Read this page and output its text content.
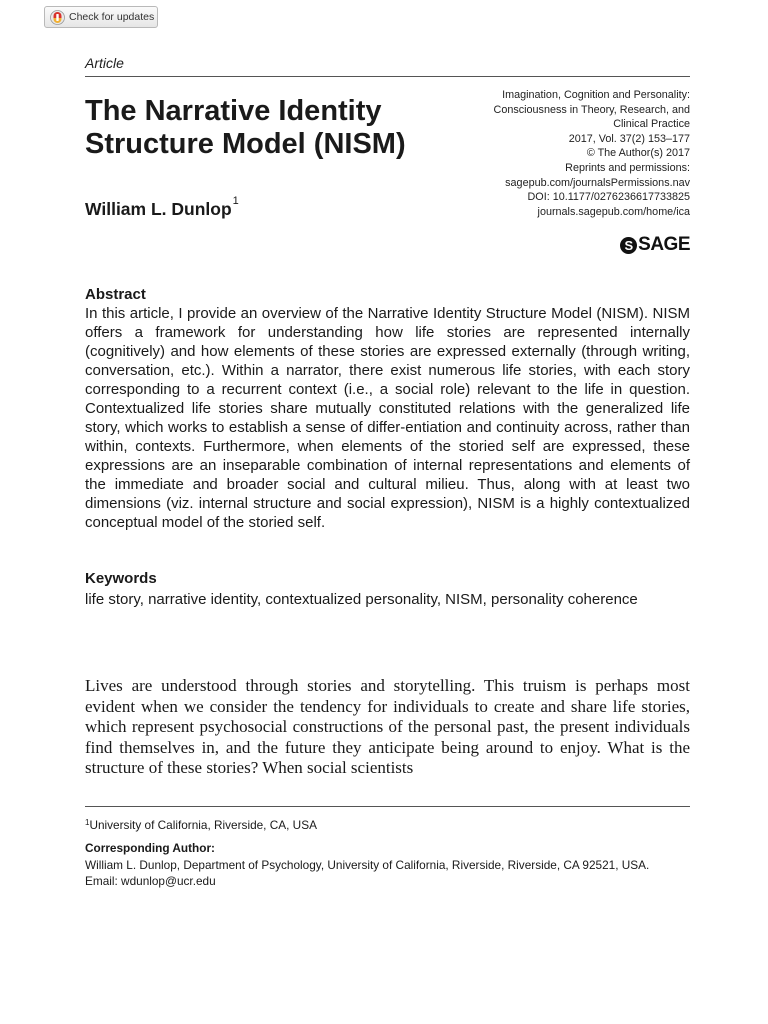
Check for updates
Article
The Narrative Identity Structure Model (NISM)
William L. Dunlop$^1$
Imagination, Cognition and Personality: Consciousness in Theory, Research, and Clinical Practice
2017, Vol. 37(2) 153–177
© The Author(s) 2017
Reprints and permissions:
sagepub.com/journalsPermissions.nav
DOI: 10.1177/0276236617733825
journals.sagepub.com/home/ica
S SAGE
Abstract
In this article, I provide an overview of the Narrative Identity Structure Model (NISM). NISM offers a framework for understanding how life stories are represented internally (cognitively) and how elements of these stories are expressed externally (through writing, conversation, etc.). Within a narrator, there exist numerous life stories, with each story corresponding to a recurrent context (i.e., a social role) relevant to the life in question. Contextualized life stories share mutually constituted relations with the generalized life story, which works to establish a sense of differ-entiation and continuity across, rather than within, contexts. Furthermore, when elements of the storied self are expressed, these expressions are an inseparable combination of internal representations and elements of the immediate and broader social and cultural milieu. Thus, along with at least two dimensions (viz. internal structure and social expression), NISM is a highly contextualized conceptual model of the storied self.
Keywords
life story, narrative identity, contextualized personality, NISM, personality coherence
Lives are understood through stories and storytelling. This truism is perhaps most evident when we consider the tendency for individuals to create and share life stories, which represent psychosocial constructions of the personal past, the present individuals find themselves in, and the future they anticipate being around to enjoy. What is the structure of these stories? When social scientists
$^1$University of California, Riverside, CA, USA
Corresponding Author:
William L. Dunlop, Department of Psychology, University of California, Riverside, Riverside, CA 92521, USA.
Email: wdunlop@ucr.edu
